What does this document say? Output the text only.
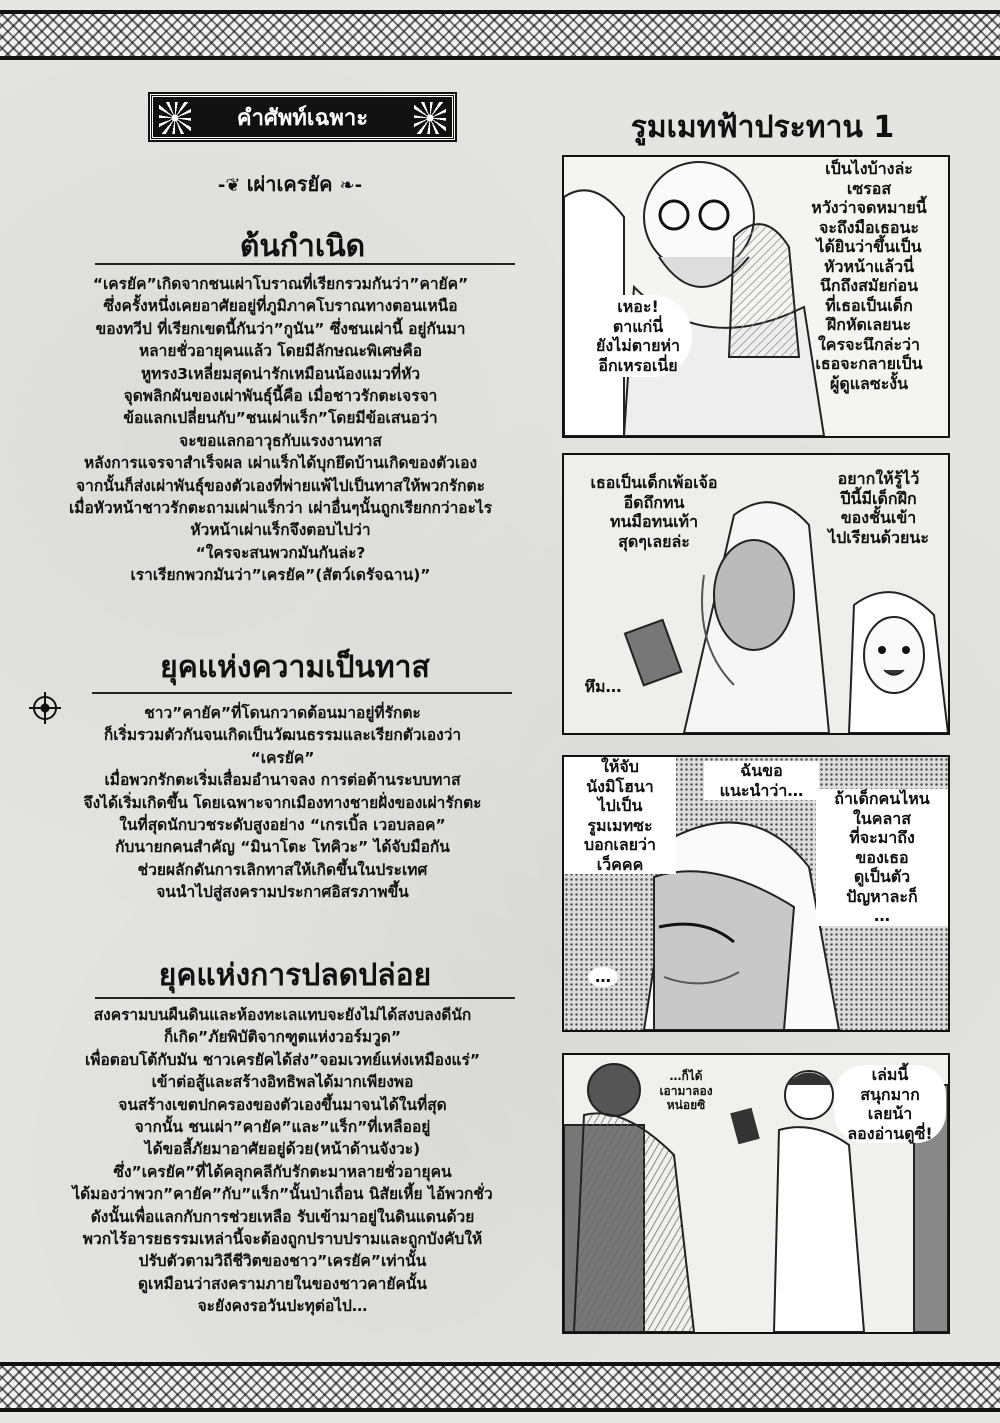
คำศัพท์เฉพาะ
-❦ เผ่าเครยัค ❧-
ต้นกำเนิด
“เครยัค”เกิดจากชนเผ่าโบราณที่เรียกรวมกันว่า”คายัค”
ซึ่งครั้งหนึ่งเคยอาศัยอยู่ที่ภูมิภาคโบราณทางตอนเหนือ
ของทวีป ที่เรียกเขตนี้กันว่า”กูนัน” ซึ่งชนเผ่านี้ อยู่กันมา
หลายชั่วอายุคนแล้ว โดยมีลักษณะพิเศษคือ
หูทรง3เหลี่ยมสุดน่ารักเหมือนน้องแมวที่หัว
จุดพลิกผันของเผ่าพันธุ์นี้คือ เมื่อชาวรักตะเจรจา
ข้อแลกเปลี่ยนกับ”ชนเผ่าแร็ก”โดยมีข้อเสนอว่า
จะขอแลกอาวุธกับแรงงานทาส
หลังการแจรจาสำเร็จผล เผ่าแร็กได้บุกยึดบ้านเกิดของตัวเอง
จากนั้นก็ส่งเผ่าพันธุ์ของตัวเองที่พ่ายแพ้ไปเป็นทาสให้พวกรักตะ
เมื่อหัวหน้าชาวรักตะถามเผ่าแร็กว่า เผ่าอื่นๆนั้นถูกเรียกกว่าอะไร
หัวหน้าเผ่าแร็กจึงตอบไปว่า
“ใครจะสนพวกมันกันล่ะ?
เราเรียกพวกมันว่า”เครยัค”(สัตว์เดรัจฉาน)”
ยุคแห่งความเป็นทาส
ชาว”คายัค”ที่โดนกวาดต้อนมาอยู่ที่รักตะ
ก็เริ่มรวมตัวกันจนเกิดเป็นวัฒนธรรมและเรียกตัวเองว่า
“เครยัค”
เมื่อพวกรักตะเริ่มเสื่อมอำนาจลง การต่อต้านระบบทาส
จึงได้เริ่มเกิดขึ้น โดยเฉพาะจากเมืองทางชายฝั่งของเผ่ารักตะ
ในที่สุดนักบวชระดับสูงอย่าง “เกรเบิ้ล เวอบลอค”
กับนายกคนสำคัญ “มินาโตะ โทคิวะ” ได้จับมือกัน
ช่วยผลักดันการเลิกทาสให้เกิดขึ้นในประเทศ
จนนำไปสู่สงครามประกาศอิสรภาพขึ้น
ยุคแห่งการปลดปล่อย
สงครามบนผืนดินและห้องทะเลแทบจะยังไม่ได้สงบลงดีนัก
ก็เกิด”ภัยพิบัติจากฑูตแห่งวอร์มวูด”
เพื่อตอบโต้กับมัน ชาวเครยัคได้ส่ง”จอมเวทย์แห่งเหมืองแร่”
เข้าต่อสู้และสร้างอิทธิพลได้มากเพียงพอ
จนสร้างเขตปกครองของตัวเองขึ้นมาจนได้ในที่สุด
จากนั้น ชนเผ่า”คายัค”และ”แร็ก”ที่เหลืออยู่
ได้ขอลี้ภัยมาอาศัยอยู่ด้วย(หน้าด้านจังวะ)
ซึ่ง”เครยัค”ที่ได้คลุกคลีกับรักตะมาหลายชั่วอายุคน
ได้มองว่าพวก”คายัค”กับ”แร็ก”นั้นป่าเถื่อน นิสัยเหี้ย ไอ้พวกชั่ว
ดังนั้นเพื่อแลกกับการช่วยเหลือ รับเข้ามาอยู่ในดินแดนด้วย
พวกไร้อารยธรรมเหล่านี้จะต้องถูกปราบปรามและถูกบังคับให้
ปรับตัวตามวิถีชีวิตของชาว”เครยัค”เท่านั้น
ดูเหมือนว่าสงครามภายในของชาวคายัคนั้น
จะยังคงรอวันปะทุต่อไป…
รูมเมทฟ้าประทาน 1
เป็นไงบ้างล่ะ
เซรอส
หวังว่าจดหมายนี้
จะถึงมือเธอนะ
ได้ยินว่าขึ้นเป็น
หัวหน้าแล้วนี่
นึกถึงสมัยก่อน
ที่เธอเป็นเด็ก
ฝึกหัดเลยนะ
ใครจะนึกล่ะว่า
เธอจะกลายเป็น
ผู้ดูแลซะงั้น
เหอะ!
ตาแก่นี่
ยังไม่ตายห่า
อีกเหรอเนี่ย
เธอเป็นเด็กเพ้อเจ้อ
อีดถึกทน
ทนมือทนเท้า
สุดๆเลยล่ะ
อยากให้รู้ไว้
ปีนี้มีเด็กฝึก
ของชั้นเข้า
ไปเรียนด้วยนะ
หึม…
ให้จับ
นังมิโฮนา
ไปเป็น
รูมเมทซะ
บอกเลยว่า
เว็คคค
ฉันขอ
แนะนำว่า…	ถ้าเด็กคนไหน
ในคลาส
ที่จะมาถึง
ของเธอ
ดูเป็นตัว
ปัญหาละก็
…
…
…ก็ได้
เอามาลอง
หน่อยซิ
เล่มนี้
สนุกมาก
เลยน้า
ลองอ่านดูซี่!
